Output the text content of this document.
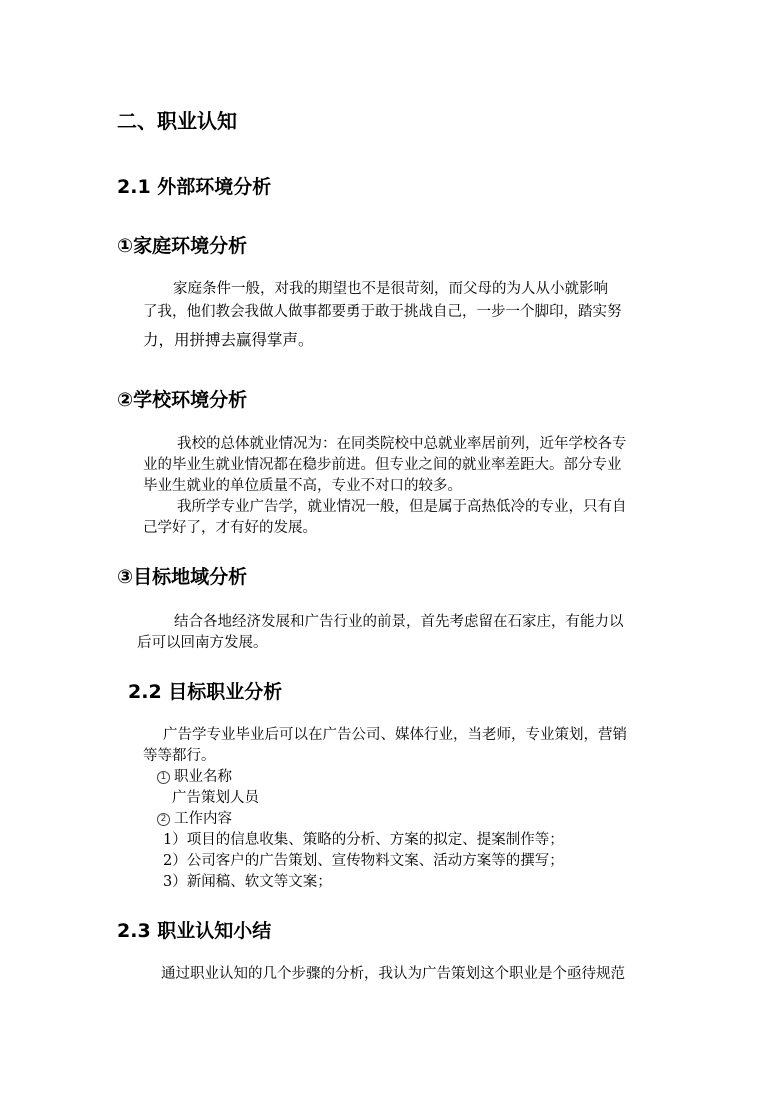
二、职业认知
2.1 外部环境分析
①家庭环境分析
家庭条件一般，对我的期望也不是很苛刻，而父母的为人从小就影响
了我，他们教会我做人做事都要勇于敢于挑战自己，一步一个脚印，踏实努
力，用拼搏去赢得掌声。
②学校环境分析
我校的总体就业情况为：在同类院校中总就业率居前列，近年学校各专
业的毕业生就业情况都在稳步前进。但专业之间的就业率差距大。部分专业
毕业生就业的单位质量不高，专业不对口的较多。
我所学专业广告学，就业情况一般，但是属于高热低冷的专业，只有自
己学好了，才有好的发展。
③目标地域分析
结合各地经济发展和广告行业的前景，首先考虑留在石家庄，有能力以
后可以回南方发展。
2.2 目标职业分析
广告学专业毕业后可以在广告公司、媒体行业，当老师，专业策划，营销
等等都行。
1 职业名称
广告策划人员
2 工作内容
1）项目的信息收集、策略的分析、方案的拟定、提案制作等；
2）公司客户的广告策划、宣传物料文案、活动方案等的撰写；
3）新闻稿、软文等文案；
2.3 职业认知小结
通过职业认知的几个步骤的分析，我认为广告策划这个职业是个亟待规范
